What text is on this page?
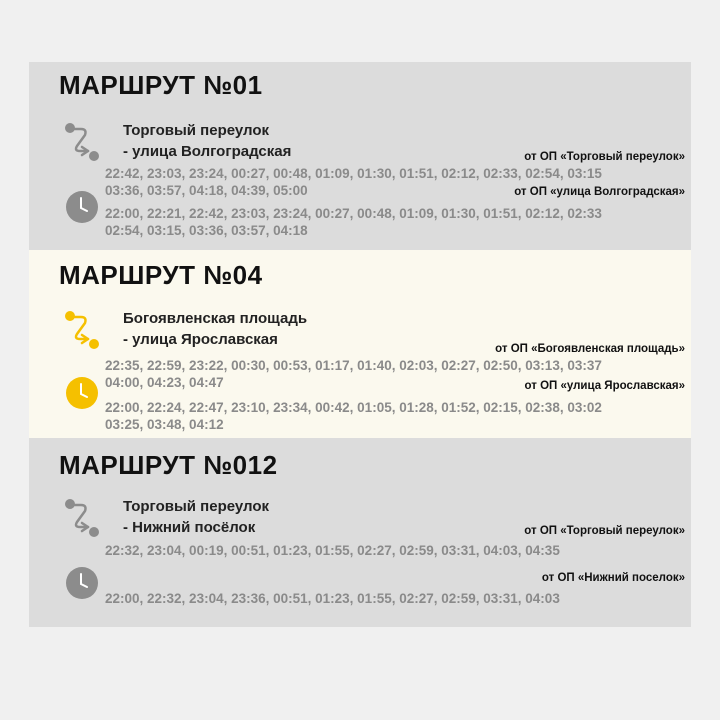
МАРШРУТ №01
Торговый переулок
- улица Волгоградская	от ОП «Торговый переулок»
22:42, 23:03, 23:24, 00:27, 00:48, 01:09, 01:30, 01:51, 02:12, 02:33, 02:54, 03:15
03:36, 03:57, 04:18, 04:39, 05:00	от ОП «улица Волгоградская»
22:00, 22:21, 22:42, 23:03, 23:24, 00:27, 00:48, 01:09, 01:30, 01:51, 02:12, 02:33
02:54, 03:15, 03:36, 03:57, 04:18
МАРШРУТ №04
Богоявленская площадь
- улица Ярославская
от ОП «Богоявленская площадь»
22:35, 22:59, 23:22, 00:30, 00:53, 01:17, 01:40, 02:03, 02:27, 02:50, 03:13, 03:37
04:00, 04:23, 04:47	от ОП «улица Ярославская»
22:00, 22:24, 22:47, 23:10, 23:34, 00:42, 01:05, 01:28, 01:52, 02:15, 02:38, 03:02
03:25, 03:48, 04:12
МАРШРУТ №012
Торговый переулок
- Нижний посёлок	от ОП «Торговый переулок»
22:32, 23:04, 00:19, 00:51, 01:23, 01:55, 02:27, 02:59, 03:31, 04:03, 04:35
от ОП «Нижний поселок»
22:00, 22:32, 23:04, 23:36, 00:51, 01:23, 01:55, 02:27, 02:59, 03:31, 04:03
